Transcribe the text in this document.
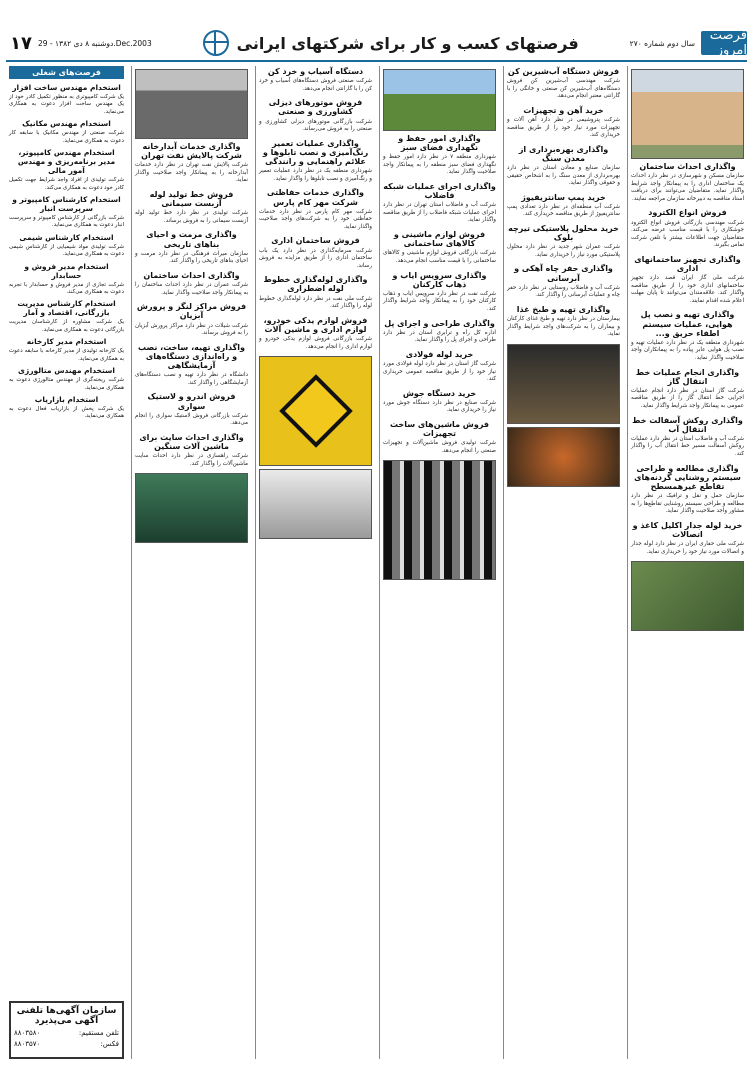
فرصت امروز
سال دوم شماره ۲۷۰
فرصتهای کسب و کار برای شرکتهای ایرانی
دوشنبه ۸ دی ۱۳۸۲ - 29.Dec.2003
۱۷
واگذاری احداث ساختمان

سازمان مسکن و شهرسازی در نظر دارد احداث یک ساختمان اداری را به پیمانکار واجد شرایط واگذار نماید. متقاضیان می‌توانند برای دریافت اسناد مناقصه به دبیرخانه سازمان مراجعه نمایند.

فروش انواع الکترود

شرکت مهندسی بازرگانی فروش انواع الکترود جوشکاری را با قیمت مناسب عرضه می‌کند. متقاضیان جهت اطلاعات بیشتر با تلفن شرکت تماس بگیرند.

واگذاری تجهیز ساختمانهای اداری

شرکت ملی گاز ایران قصد دارد تجهیز ساختمانهای اداری خود را از طریق مناقصه واگذار کند. علاقه‌مندان می‌توانند تا پایان مهلت اعلام شده اقدام نمایند.

واگذاری تهیه و نصب پل هوایی، عملیات سیستم اطفاء حریق و...

شهرداری منطقه یک در نظر دارد عملیات تهیه و نصب پل هوایی عابر پیاده را به پیمانکاران واجد صلاحیت واگذار نماید.

واگذاری انجام عملیات خط انتقال گاز

شرکت گاز استان در نظر دارد انجام عملیات اجرایی خط انتقال گاز را از طریق مناقصه عمومی به پیمانکار واجد شرایط واگذار نماید.

واگذاری روکش آسفالت خط انتقال آب

شرکت آب و فاضلاب استان در نظر دارد عملیات روکش آسفالت مسیر خط انتقال آب را واگذار کند.

واگذاری مطالعه و طراحی سیستم روشنایی گردنه‌های تقاطع غیرهمسطح

سازمان حمل و نقل و ترافیک در نظر دارد مطالعه و طراحی سیستم روشنایی تقاطع‌ها را به مشاور واجد صلاحیت واگذار نماید.

خرید لوله جدار اکلیل کاغذ و اتصالات

شرکت ملی حفاری ایران در نظر دارد لوله جدار و اتصالات مورد نیاز خود را خریداری نماید.

فروش دستگاه آب‌شیرین کن

شرکت مهندسی آب‌شیرین کن فروش دستگاه‌های آب‌شیرین کن صنعتی و خانگی را با گارانتی معتبر انجام می‌دهد.

خرید آهن و تجهیزات

شرکت پتروشیمی در نظر دارد آهن آلات و تجهیزات مورد نیاز خود را از طریق مناقصه خریداری کند.

واگذاری بهره‌برداری از معدن سنگ

سازمان صنایع و معادن استان در نظر دارد بهره‌برداری از معدن سنگ را به اشخاص حقیقی و حقوقی واگذار نماید.

خرید پمپ سانتریفیوژ

شرکت آب منطقه‌ای در نظر دارد تعدادی پمپ سانتریفیوژ از طریق مناقصه خریداری کند.

خرید محلول پلاستیکی تیرچه بلوک

شرکت عمران شهر جدید در نظر دارد محلول پلاستیکی مورد نیاز را خریداری نماید.

واگذاری حفر چاه آهکی و آبرسانی

شرکت آب و فاضلاب روستایی در نظر دارد حفر چاه و عملیات آبرسانی را واگذار کند.

واگذاری تهیه و طبخ غذا

بیمارستان در نظر دارد تهیه و طبخ غذای کارکنان و بیماران را به شرکت‌های واجد شرایط واگذار نماید.

واگذاری امور حفظ و نگهداری فضای سبز

شهرداری منطقه ۷ در نظر دارد امور حفظ و نگهداری فضای سبز منطقه را به پیمانکار واجد صلاحیت واگذار نماید.

واگذاری اجرای عملیات شبکه فاضلاب

شرکت آب و فاضلاب استان تهران در نظر دارد اجرای عملیات شبکه فاضلاب را از طریق مناقصه واگذار نماید.

فروش لوازم ماشینی و کالاهای ساختمانی

شرکت بازرگانی فروش لوازم ماشینی و کالاهای ساختمانی را با قیمت مناسب انجام می‌دهد.

واگذاری سرویس ایاب و ذهاب کارکنان

شرکت نفت در نظر دارد سرویس ایاب و ذهاب کارکنان خود را به پیمانکار واجد شرایط واگذار کند.

واگذاری طراحی و اجرای پل

اداره کل راه و ترابری استان در نظر دارد طراحی و اجرای پل را واگذار نماید.

خرید لوله فولادی

شرکت گاز استان در نظر دارد لوله فولادی مورد نیاز خود را از طریق مناقصه عمومی خریداری کند.

خرید دستگاه جوش

شرکت صنایع در نظر دارد دستگاه جوش مورد نیاز را خریداری نماید.

فروش ماشین‌های ساخت تجهیزات

شرکت تولیدی فروش ماشین‌آلات و تجهیزات صنعتی را انجام می‌دهد.

دستگاه آسیاب و خرد کن

شرکت صنعتی فروش دستگاه‌های آسیاب و خرد کن را با گارانتی انجام می‌دهد.

فروش موتورهای دیزلی کشاورزی و صنعتی

شرکت بازرگانی موتورهای دیزلی کشاورزی و صنعتی را به فروش می‌رساند.

واگذاری عملیات تعمیر رنگ‌آمیزی و نصب تابلوها و علائم راهنمایی و رانندگی

شهرداری منطقه یک در نظر دارد عملیات تعمیر و رنگ‌آمیزی و نصب تابلوها را واگذار نماید.

واگذاری خدمات حفاظتی شرکت مهر کام پارس

شرکت مهر کام پارس در نظر دارد خدمات حفاظتی خود را به شرکت‌های واجد صلاحیت واگذار نماید.

فروش ساختمان اداری

شرکت سرمایه‌گذاری در نظر دارد یک باب ساختمان اداری را از طریق مزایده به فروش رساند.

واگذاری لوله‌گذاری خطوط لوله اضطراری

شرکت ملی نفت در نظر دارد لوله‌گذاری خطوط لوله را واگذار کند.

فروش لوازم یدکی خودرو، لوازم اداری و ماشین آلات

شرکت بازرگانی فروش لوازم یدکی خودرو و لوازم اداری را انجام می‌دهد.

واگذاری خدمات آبدارخانه شرکت پالایش نفت تهران

شرکت پالایش نفت تهران در نظر دارد خدمات آبدارخانه را به پیمانکار واجد صلاحیت واگذار نماید.

فروش خط تولید لوله آزبست سیمانی

شرکت تولیدی در نظر دارد خط تولید لوله آزبست سیمانی را به فروش برساند.

واگذاری مرمت و احیای بناهای تاریخی

سازمان میراث فرهنگی در نظر دارد مرمت و احیای بناهای تاریخی را واگذار کند.

واگذاری احداث ساختمان

شرکت عمران در نظر دارد احداث ساختمان را به پیمانکار واجد صلاحیت واگذار نماید.

فروش مراکز لنگر و پرورش آبزیان

شرکت شیلات در نظر دارد مراکز پرورش آبزیان را به فروش برساند.

واگذاری تهیه، ساخت، نصب و راه‌اندازی دستگاه‌های آزمایشگاهی

دانشگاه در نظر دارد تهیه و نصب دستگاه‌های آزمایشگاهی را واگذار کند.

فروش اندرو و لاستیک سواری

شرکت بازرگانی فروش لاستیک سواری را انجام می‌دهد.

واگذاری احداث سایت برای ماشین آلات سنگین

شرکت راهسازی در نظر دارد احداث سایت ماشین‌آلات را واگذار کند.

فرصت‌های شغلی
استخدام مهندس ساخت افزار

یک شرکت کامپیوتری به منظور تکمیل کادر خود از یک مهندس ساخت افزار دعوت به همکاری می‌نماید.

استخدام مهندس مکانیک

شرکت صنعتی از مهندس مکانیک با سابقه کار دعوت به همکاری می‌نماید.

استخدام مهندس کامپیوتر، مدیر برنامه‌ریزی و مهندس آمور مالی

شرکت تولیدی از افراد واجد شرایط جهت تکمیل کادر خود دعوت به همکاری می‌کند.

استخدام کارشناس کامپیوتر و سرپرست انبار

شرکت بازرگانی از کارشناس کامپیوتر و سرپرست انبار دعوت به همکاری می‌نماید.

استخدام کارشناس شیمی

شرکت تولیدی مواد شیمیایی از کارشناس شیمی دعوت به همکاری می‌نماید.

استخدام مدیر فروش و حسابدار

شرکت تجاری از مدیر فروش و حسابدار با تجربه دعوت به همکاری می‌کند.

استخدام کارشناس مدیریت بازرگانی، اقتصاد و آمار

یک شرکت مشاوره از کارشناسان مدیریت بازرگانی دعوت به همکاری می‌نماید.

استخدام مدیر کارخانه

یک کارخانه تولیدی از مدیر کارخانه با سابقه دعوت به همکاری می‌نماید.

استخدام مهندس متالورژی

شرکت ریخته‌گری از مهندس متالورژی دعوت به همکاری می‌نماید.

استخدام بازاریاب

یک شرکت پخش از بازاریاب فعال دعوت به همکاری می‌نماید.

سازمان آگهی‌ها تلفنی آگهی می‌پذیرد
تلفن مستقیم:
۸۸۰۳۵۸۰
فکس:
۸۸۰۳۵۷۰
